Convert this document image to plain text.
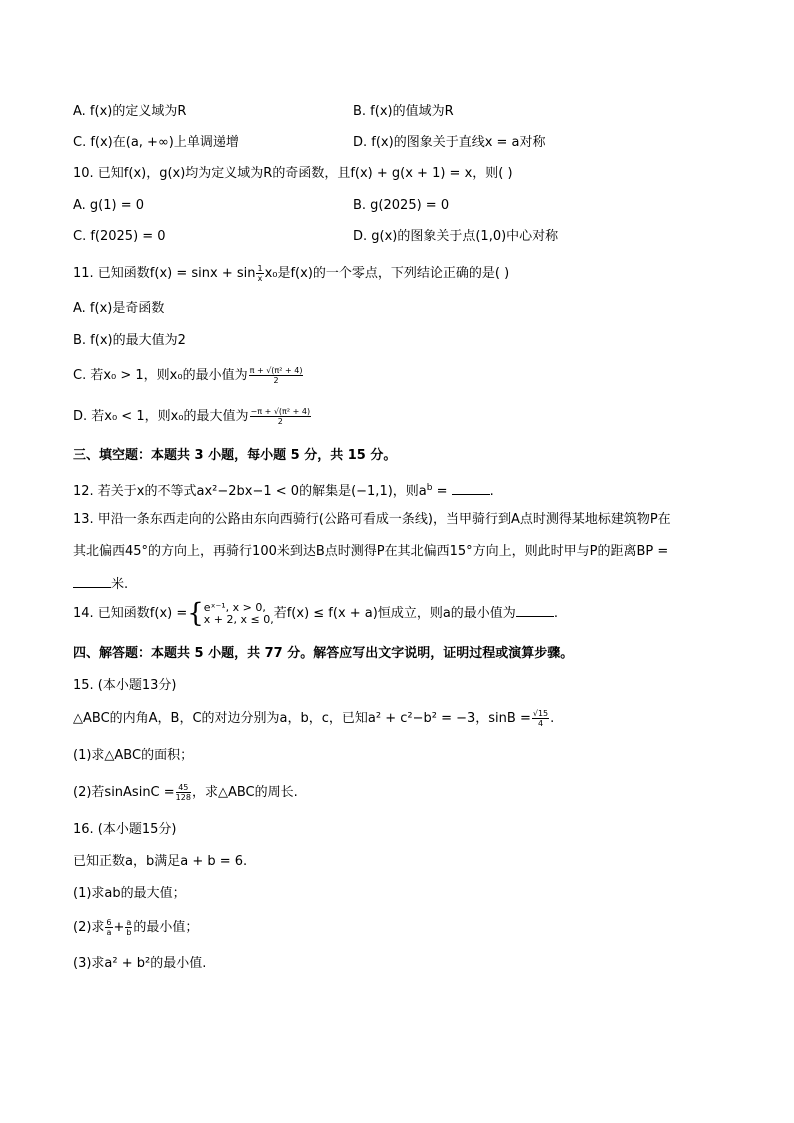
A. f(x)的定义域为R	B. f(x)的值域为R
C. f(x)在(a, +∞)上单调递增	D. f(x)的图象关于直线x = a对称
10. 已知f(x)，g(x)均为定义域为R的奇函数，且f(x) + g(x + 1) = x，则( )
A. g(1) = 0	B. g(2025) = 0
C. f(2025) = 0	D. g(x)的图象关于点(1,0)中心对称
11. 已知函数$f(x) = \sin x + \sin \frac{1}{x} x_0$是f(x)的一个零点，下列结论正确的是( )
A. f(x)是奇函数
B. f(x)的最大值为2
C. 若x₀ > 1，则x₀的最小值为 $\frac{\text{π + √(π² + 4)}}{2}$
D. 若x₀ < 1，则x₀的最大值为 $\frac{\text{−π + √(π² + 4)}}{2}$
三、填空题：本题共 3 小题，每小题 5 分，共 15 分。
12. 若关于x的不等式ax²−2bx−1 < 0的解集是(−1,1)，则$a^b$ =	.
13. 甲沿一条东西走向的公路由东向西骑行(公路可看成一条线)，当甲骑行到A点时测得某地标建筑物P在
其北偏西45°的方向上，再骑行100米到达B点时测得P在其北偏西15°方向上，则此时甲与P的距离BP =
米.
14. 已知函数f(x) ={ eˣ⁻¹, x > 0,
x + 2, x ≤ 0, 若f(x) ≤ f(x + a)恒成立，则a的最小值为	.
四、解答题：本题共 5 小题，共 77 分。解答应写出文字说明，证明过程或演算步骤。
15. (本小题13分)
△ABC的内角A，B，C的对边分别为a，b，c，已知a² + c²−b² = −3，$\sin B = \frac{√15}{4}$ .
(1)求△ABC的面积；
(2)若sinAsinC = $\frac{45}{128}$ ，求△ABC的周长.
16. (本小题15分)
已知正数a，b满足a + b = 6.
(1)求ab的最大值；
(2)求 $\frac{6}{a} + \frac{a}{b}$ 的最小值；
(3)求a² + b²的最小值.
